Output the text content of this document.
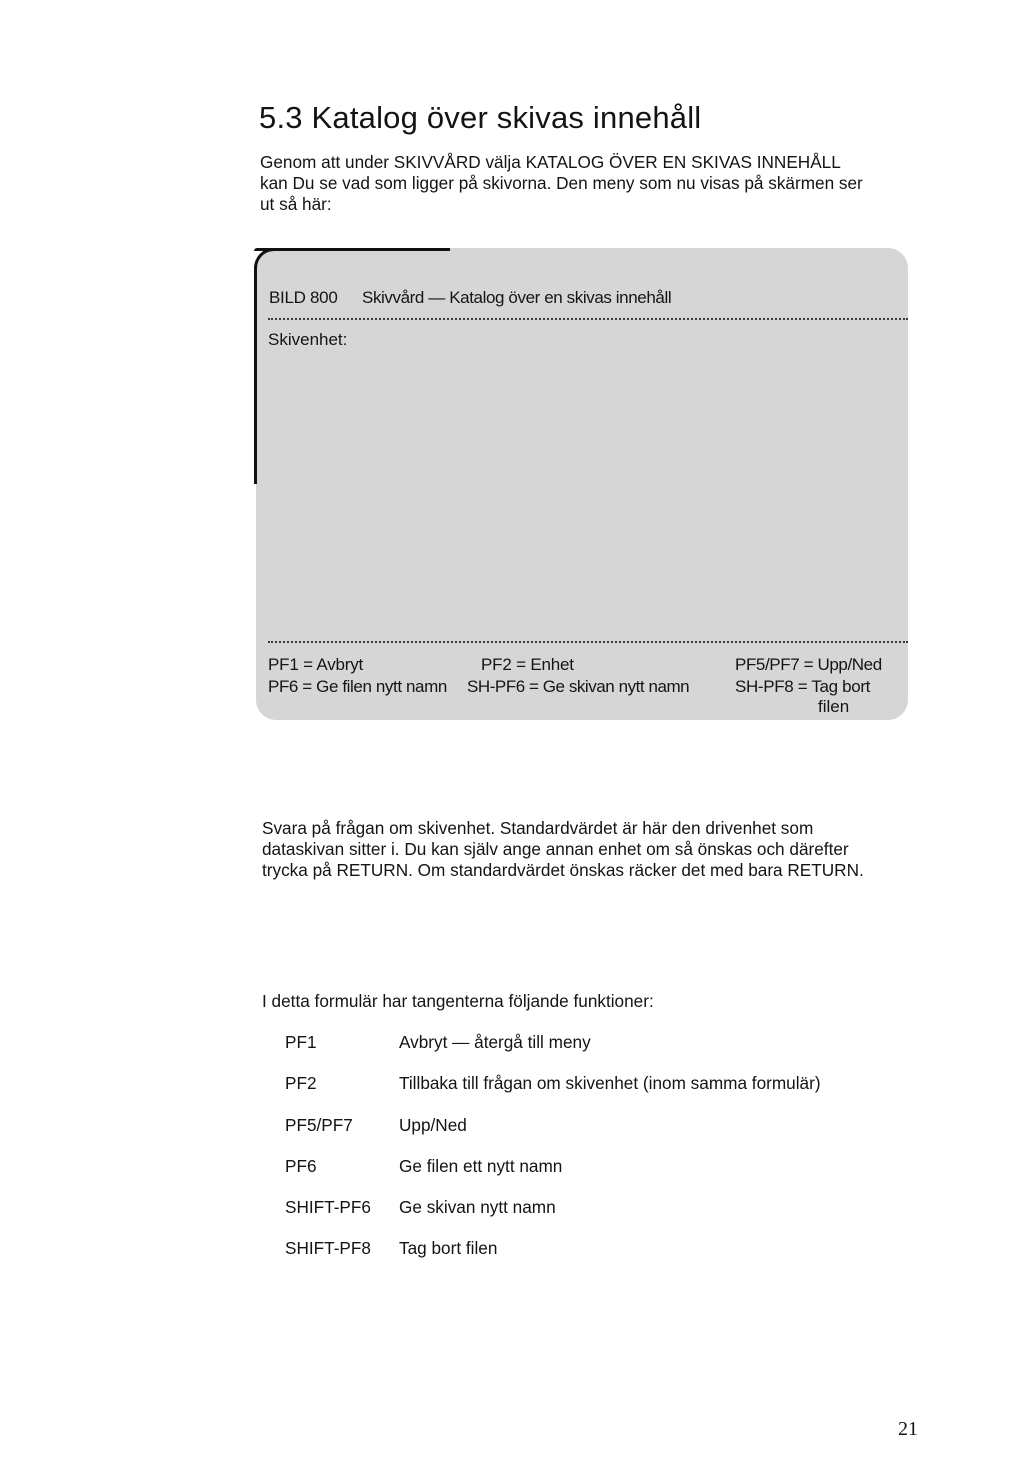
5.3 Katalog över skivas innehåll

Genom att under SKIVVÅRD välja KATALOG ÖVER EN SKIVAS INNEHÅLL
kan Du se vad som ligger på skivorna. Den meny som nu visas på skärmen ser
ut så här:

BILD 800 Skivvård — Katalog över en skivas innehåll
Skivenhet:
PF1 = Avbryt	PF2 = Enhet	PF5/PF7 = Upp/Ned
PF6 = Ge filen nytt namn SH-PF6 = Ge skivan nytt namn	SH-PF8 = Tag bort
filen

Svara på frågan om skivenhet. Standardvärdet är här den drivenhet som
dataskivan sitter i. Du kan själv ange annan enhet om så önskas och därefter
trycka på RETURN. Om standardvärdet önskas räcker det med bara RETURN.

I detta formulär har tangenterna följande funktioner:

PF1	Avbryt — återgå till meny
PF2	Tillbaka till frågan om skivenhet (inom samma formulär)
PF5/PF7	Upp/Ned
PF6	Ge filen ett nytt namn
SHIFT-PF6 Ge skivan nytt namn
SHIFT-PF8 Tag bort filen
21
